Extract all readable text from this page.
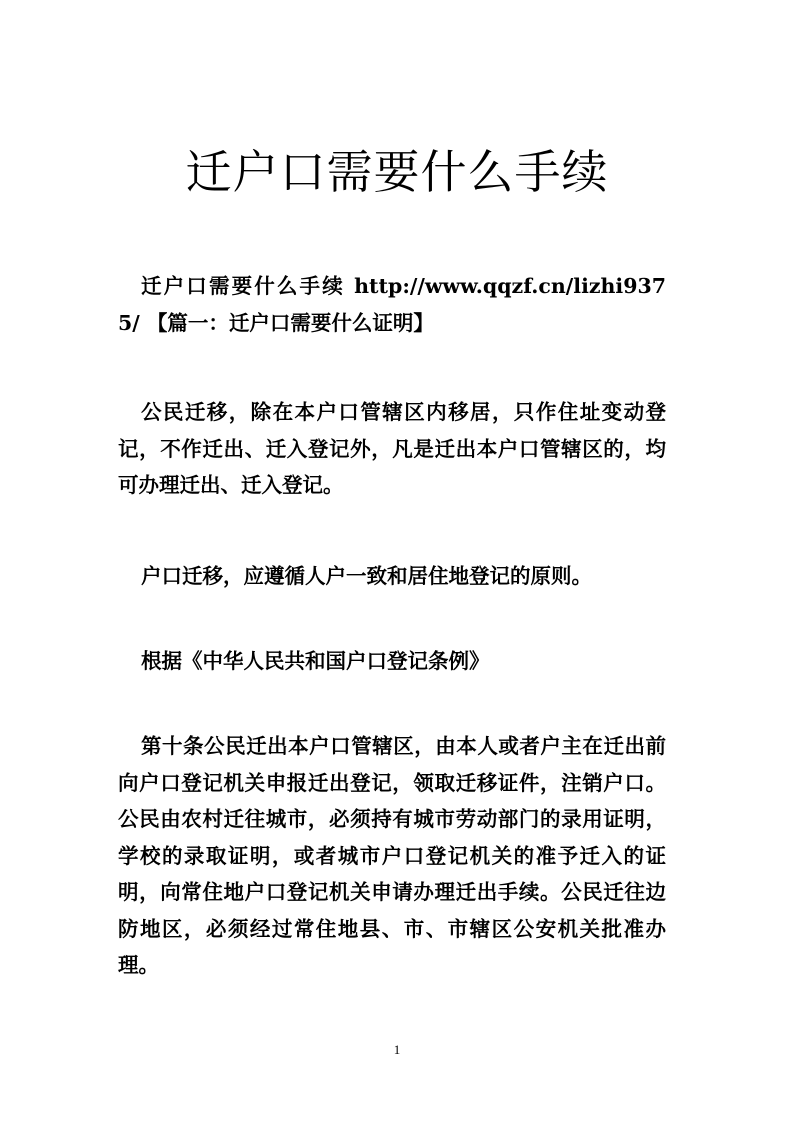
迁户口需要什么手续

迁户口需要什么手续 http://www.qqzf.cn/lizhi9375/ 【篇一：迁户口需要什么证明】

公民迁移，除在本户口管辖区内移居，只作住址变动登记，不作迁出、迁入登记外，凡是迁出本户口管辖区的，均可办理迁出、迁入登记。

户口迁移，应遵循人户一致和居住地登记的原则。

根据《中华人民共和国户口登记条例》

第十条公民迁出本户口管辖区，由本人或者户主在迁出前向户口登记机关申报迁出登记，领取迁移证件，注销户口。公民由农村迁往城市，必须持有城市劳动部门的录用证明，学校的录取证明，或者城市户口登记机关的准予迁入的证明，向常住地户口登记机关申请办理迁出手续。公民迁往边防地区，必须经过常住地县、市、市辖区公安机关批准办理。

1
